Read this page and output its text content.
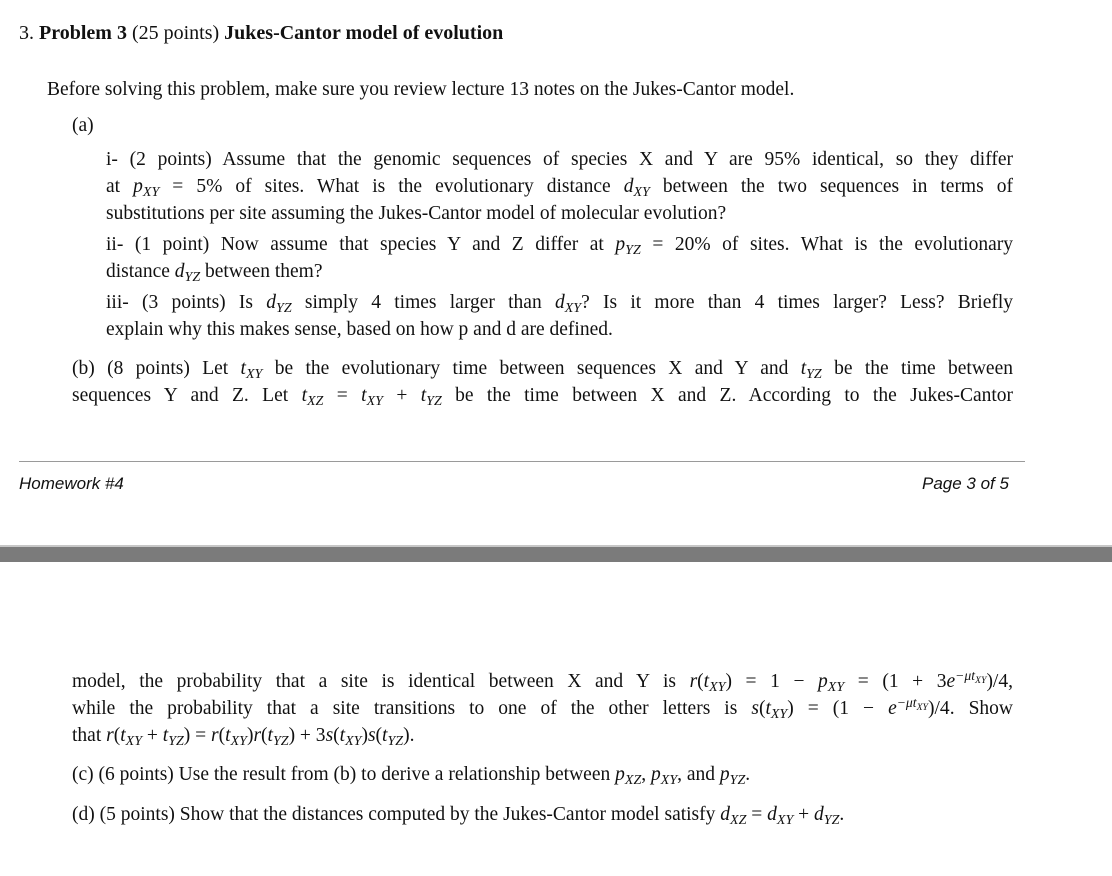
3. Problem 3 (25 points) Jukes-Cantor model of evolution
Before solving this problem, make sure you review lecture 13 notes on the Jukes-Cantor model.
(a)
i- (2 points) Assume that the genomic sequences of species X and Y are 95% identical, so they differ
at $p_{XY} = 5\%$ of sites. What is the evolutionary distance $d_{XY}$ between the two sequences in terms of
substitutions per site assuming the Jukes-Cantor model of molecular evolution?
ii- (1 point) Now assume that species Y and Z differ at $p_{YZ} = 20\%$ of sites. What is the evolutionary
distance $d_{YZ}$ between them?
iii- (3 points) Is $d_{YZ}$ simply 4 times larger than $d_{XY}$? Is it more than 4 times larger? Less? Briefly
explain why this makes sense, based on how p and d are defined.
(b) (8 points) Let $t_{XY}$ be the evolutionary time between sequences X and Y and $t_{YZ}$ be the time between
sequences Y and Z. Let $t_{XZ} = t_{XY} + t_{YZ}$ be the time between X and Z. According to the Jukes-Cantor
Homework #4	Page 3 of 5
model, the probability that a site is identical between X and Y is $r(t_{XY}) = 1 - p_{XY} = (1 + 3e^{-\mu t_{XY}})/4$,
while the probability that a site transitions to one of the other letters is $s(t_{XY}) = (1 - e^{-\mu t_{XY}})/4$. Show
that $r(t_{XY} + t_{YZ}) = r(t_{XY})r(t_{YZ}) + 3s(t_{XY})s(t_{YZ})$.
(c) (6 points) Use the result from (b) to derive a relationship between $p_{XZ}$, $p_{XY}$, and $p_{YZ}$.
(d) (5 points) Show that the distances computed by the Jukes-Cantor model satisfy $d_{XZ} = d_{XY} + d_{YZ}$.
